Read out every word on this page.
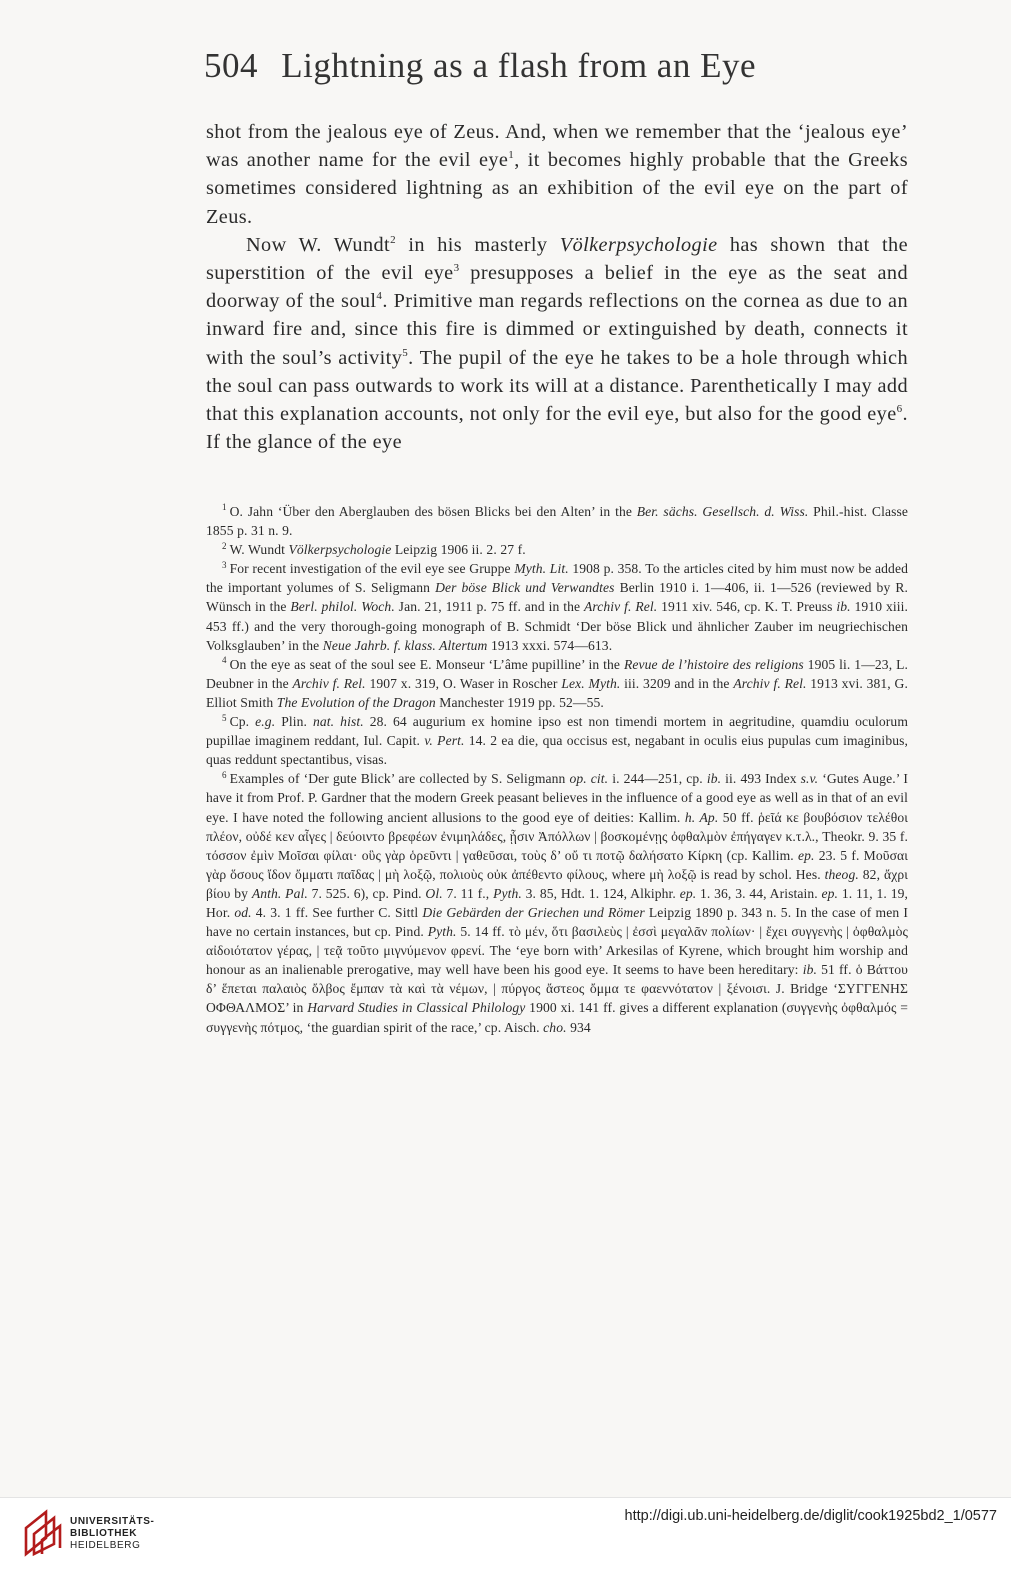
504 Lightning as a flash from an Eye

shot from the jealous eye of Zeus. And, when we remember that the ‘jealous eye’ was another name for the evil eye$^1$, it becomes highly probable that the Greeks sometimes considered lightning as an exhibition of the evil eye on the part of Zeus.

Now W. Wundt$^2$ in his masterly Völkerpsychologie has shown that the superstition of the evil eye$^3$ presupposes a belief in the eye as the seat and doorway of the soul$^4$. Primitive man regards reflections on the cornea as due to an inward fire and, since this fire is dimmed or extinguished by death, connects it with the soul’s activity$^5$. The pupil of the eye he takes to be a hole through which the soul can pass outwards to work its will at a distance. Parenthetically I may add that this explanation accounts, not only for the evil eye, but also for the good eye$^6$. If the glance of the eye

$^1$ O. Jahn ‘Über den Aberglauben des bösen Blicks bei den Alten’ in the Ber. sächs. Gesellsch. d. Wiss. Phil.-hist. Classe 1855 p. 31 n. 9.

$^2$ W. Wundt Völkerpsychologie Leipzig 1906 ii. 2. 27 f.

$^3$ For recent investigation of the evil eye see Gruppe Myth. Lit. 1908 p. 358. To the articles cited by him must now be added the important yolumes of S. Seligmann Der böse Blick und Verwandtes Berlin 1910 i. 1—406, ii. 1—526 (reviewed by R. Wünsch in the Berl. philol. Woch. Jan. 21, 1911 p. 75 ff. and in the Archiv f. Rel. 1911 xiv. 546, cp. K. T. Preuss ib. 1910 xiii. 453 ff.) and the very thorough-going monograph of B. Schmidt ‘Der böse Blick und ähnlicher Zauber im neugriechischen Volksglauben’ in the Neue Jahrb. f. klass. Altertum 1913 xxxi. 574—613.

$^4$ On the eye as seat of the soul see E. Monseur ‘L’âme pupilline’ in the Revue de l’histoire des religions 1905 li. 1—23, L. Deubner in the Archiv f. Rel. 1907 x. 319, O. Waser in Roscher Lex. Myth. iii. 3209 and in the Archiv f. Rel. 1913 xvi. 381, G. Elliot Smith The Evolution of the Dragon Manchester 1919 pp. 52—55.

$^5$ Cp. e.g. Plin. nat. hist. 28. 64 augurium ex homine ipso est non timendi mortem in aegritudine, quamdiu oculorum pupillae imaginem reddant, Iul. Capit. v. Pert. 14. 2 ea die, qua occisus est, negabant in oculis eius pupulas cum imaginibus, quas reddunt spectantibus, visas.

$^6$ Examples of ‘Der gute Blick’ are collected by S. Seligmann op. cit. i. 244—251, cp. ib. ii. 493 Index s.v. ‘Gutes Auge.’ I have it from Prof. P. Gardner that the modern Greek peasant believes in the influence of a good eye as well as in that of an evil eye. I have noted the following ancient allusions to the good eye of deities: Kallim. h. Ap. 50 ff. ῥεῖά κε βουβόσιον τελέθοι πλέον, οὐδέ κεν αἶγες | δεύοιντο βρεφέων ἐνιμηλάδες, ᾗσιν Ἀπόλλων | βοσκομένῃς ὀφθαλμὸν ἐπήγαγεν κ.τ.λ., Theokr. 9. 35 f. τόσσον ἐμὶν Μοῖσαι φίλαι· οὓς γὰρ ὁρεῦντι | γαθεῦσαι, τοὺς δ’ οὔ τι ποτῷ δαλήσατο Κίρκη (cp. Kallim. ep. 23. 5 f. Μοῦσαι γὰρ ὅσους ἴδον ὄμματι παῖδας | μὴ λοξῷ, πολιοὺς οὐκ ἀπέθεντο φίλους, where μὴ λοξῷ is read by schol. Hes. theog. 82, ἄχρι βίου by Anth. Pal. 7. 525. 6), cp. Pind. Ol. 7. 11 f., Pyth. 3. 85, Hdt. 1. 124, Alkiphr. ep. 1. 36, 3. 44, Aristain. ep. 1. 11, 1. 19, Hor. od. 4. 3. 1 ff. See further C. Sittl Die Gebärden der Griechen und Römer Leipzig 1890 p. 343 n. 5. In the case of men I have no certain instances, but cp. Pind. Pyth. 5. 14 ff. τὸ μέν, ὅτι βασιλεὺς | ἐσσὶ μεγαλᾶν πολίων· | ἔχει συγγενὴς | ὀφθαλμὸς αἰδοιότατον γέρας, | τεᾷ τοῦτο μιγνύμενον φρενί. The ‘eye born with’ Arkesilas of Kyrene, which brought him worship and honour as an inalienable prerogative, may well have been his good eye. It seems to have been hereditary: ib. 51 ff. ὁ Βάττου δ’ ἕπεται παλαιὸς ὄλβος ἔμπαν τὰ καὶ τὰ νέμων, | πύργος ἄστεος ὄμμα τε φαεννότατον | ξένοισι. J. Bridge ‘ΣΥΓΓΕΝΗΣ ΟΦΘΑΛΜΟΣ’ in Harvard Studies in Classical Philology 1900 xi. 141 ff. gives a different explanation (συγγενὴς ὀφθαλμός = συγγενὴς πότμος, ‘the guardian spirit of the race,’ cp. Aisch. cho. 934

UNIVERSITÄTS-
BIBLIOTHEK
HEIDELBERG
http://digi.ub.uni-heidelberg.de/diglit/cook1925bd2_1/0577
